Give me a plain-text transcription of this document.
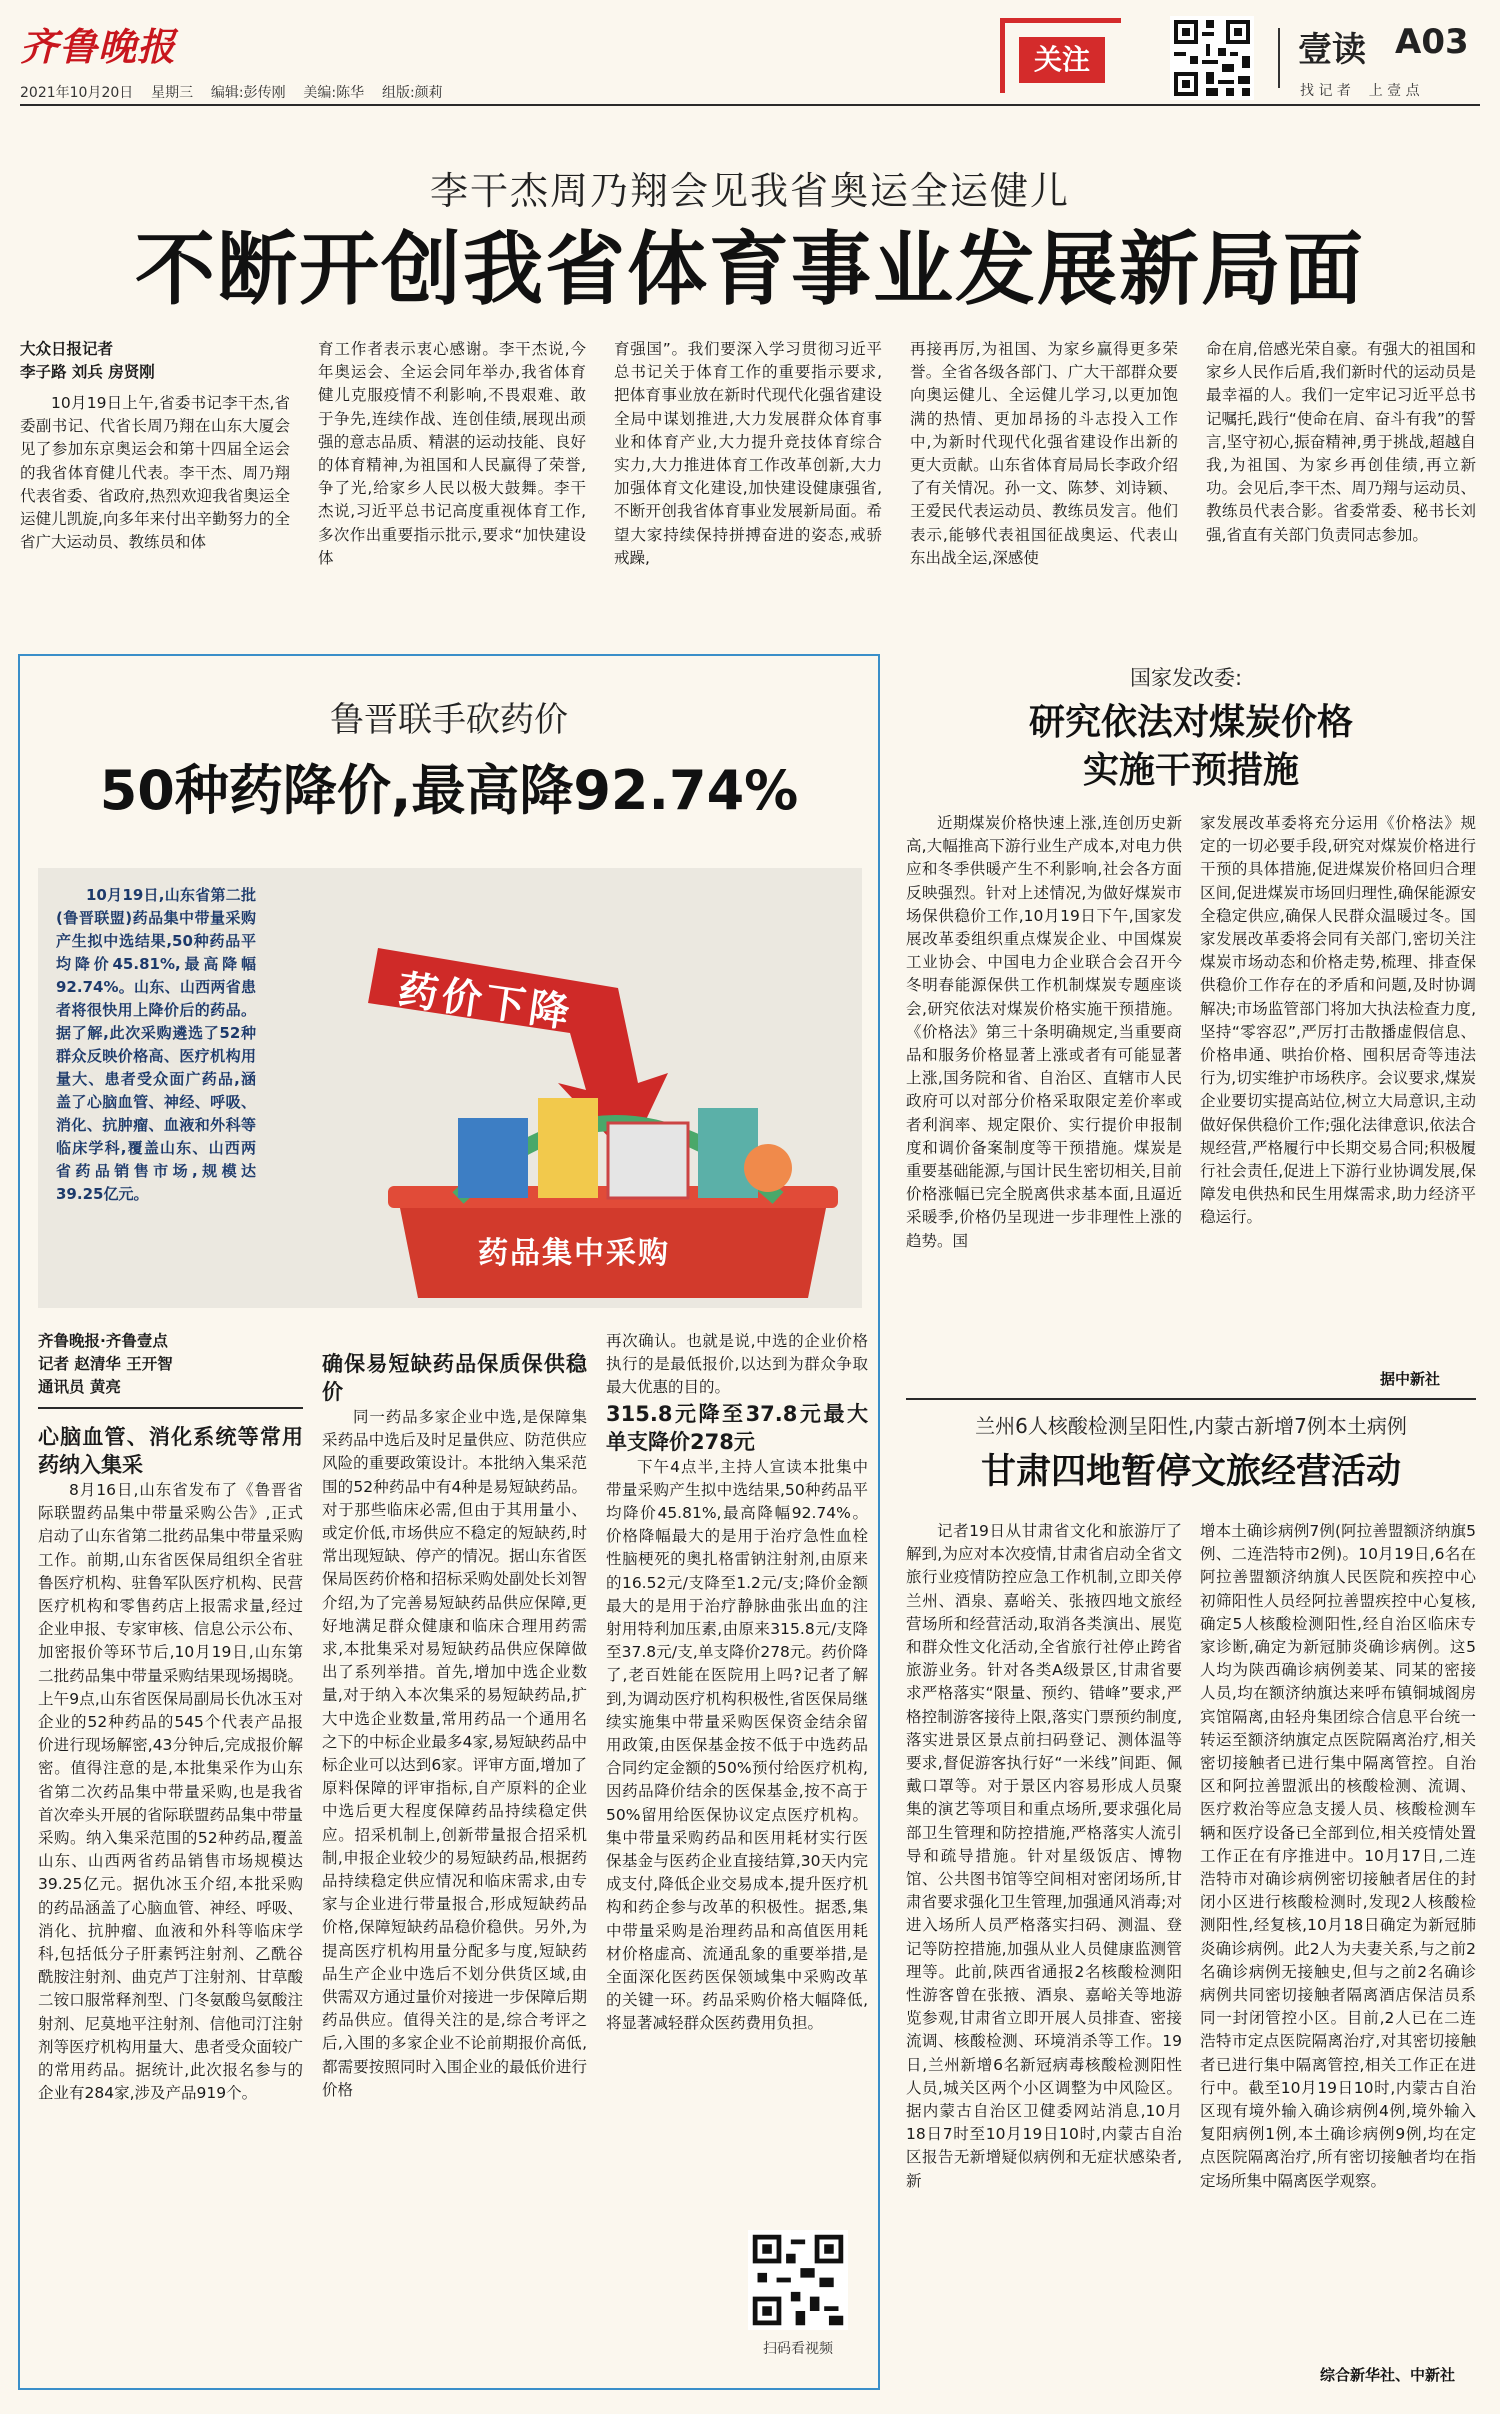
齐鲁晚报
2021年10月20日 星期三 编辑:彭传刚 美编:陈华 组版:颜莉
关注	壹读 A03
找 记 者    上 壹 点
李干杰周乃翔会见我省奥运全运健儿
不断开创我省体育事业发展新局面

大众日报记者

李子路 刘兵 房贤刚

10月19日上午,省委书记李干杰,省委副书记、代省长周乃翔在山东大厦会见了参加东京奥运会和第十四届全运会的我省体育健儿代表。李干杰、周乃翔代表省委、省政府,热烈欢迎我省奥运全运健儿凯旋,向多年来付出辛勤努力的全省广大运动员、教练员和体

育工作者表示衷心感谢。李干杰说,今年奥运会、全运会同年举办,我省体育健儿克服疫情不利影响,不畏艰难、敢于争先,连续作战、连创佳绩,展现出顽强的意志品质、精湛的运动技能、良好的体育精神,为祖国和人民赢得了荣誉,争了光,给家乡人民以极大鼓舞。李干杰说,习近平总书记高度重视体育工作,多次作出重要指示批示,要求“加快建设体

育强国”。我们要深入学习贯彻习近平总书记关于体育工作的重要指示要求,把体育事业放在新时代现代化强省建设全局中谋划推进,大力发展群众体育事业和体育产业,大力提升竞技体育综合实力,大力推进体育工作改革创新,大力加强体育文化建设,加快建设健康强省,不断开创我省体育事业发展新局面。希望大家持续保持拼搏奋进的姿态,戒骄戒躁,

再接再厉,为祖国、为家乡赢得更多荣誉。全省各级各部门、广大干部群众要向奥运健儿、全运健儿学习,以更加饱满的热情、更加昂扬的斗志投入工作中,为新时代现代化强省建设作出新的更大贡献。山东省体育局局长李政介绍了有关情况。孙一文、陈梦、刘诗颖、王爱民代表运动员、教练员发言。他们表示,能够代表祖国征战奥运、代表山东出战全运,深感使

命在肩,倍感光荣自豪。有强大的祖国和家乡人民作后盾,我们新时代的运动员是最幸福的人。我们一定牢记习近平总书记嘱托,践行“使命在肩、奋斗有我”的誓言,坚守初心,振奋精神,勇于挑战,超越自我,为祖国、为家乡再创佳绩,再立新功。会见后,李干杰、周乃翔与运动员、教练员代表合影。省委常委、秘书长刘强,省直有关部门负责同志参加。

鲁晋联手砍药价
50种药降价,最高降92.74%
药价下降
药品集中采购
10月19日,山东省第二批(鲁晋联盟)药品集中带量采购产生拟中选结果,50种药品平均降价45.81%,最高降幅92.74%。山东、山西两省患者将很快用上降价后的药品。据了解,此次采购遴选了52种群众反映价格高、医疗机构用量大、患者受众面广药品,涵盖了心脑血管、神经、呼吸、消化、抗肿瘤、血液和外科等临床学科,覆盖山东、山西两省药品销售市场,规模达39.25亿元。

齐鲁晚报·齐鲁壹点

记者 赵清华 王开智

通讯员 黄亮

心脑血管、消化系统等常用药纳入集采

8月16日,山东省发布了《鲁晋省际联盟药品集中带量采购公告》,正式启动了山东省第二批药品集中带量采购工作。前期,山东省医保局组织全省驻鲁医疗机构、驻鲁军队医疗机构、民营医疗机构和零售药店上报需求量,经过企业申报、专家审核、信息公示公布、加密报价等环节后,10月19日,山东第二批药品集中带量采购结果现场揭晓。上午9点,山东省医保局副局长仇冰玉对企业的52种药品的545个代表产品报价进行现场解密,43分钟后,完成报价解密。值得注意的是,本批集采作为山东省第二次药品集中带量采购,也是我省首次牵头开展的省际联盟药品集中带量采购。纳入集采范围的52种药品,覆盖山东、山西两省药品销售市场规模达39.25亿元。据仇冰玉介绍,本批采购的药品涵盖了心脑血管、神经、呼吸、消化、抗肿瘤、血液和外科等临床学科,包括低分子肝素钙注射剂、乙酰谷酰胺注射剂、曲克芦丁注射剂、甘草酸二铵口服常释剂型、门冬氨酸鸟氨酸注射剂、尼莫地平注射剂、信他司汀注射剂等医疗机构用量大、患者受众面较广的常用药品。据统计,此次报名参与的企业有284家,涉及产品919个。

确保易短缺药品保质保供稳价

同一药品多家企业中选,是保障集采药品中选后及时足量供应、防范供应风险的重要政策设计。本批纳入集采范围的52种药品中有4种是易短缺药品。对于那些临床必需,但由于其用量小、或定价低,市场供应不稳定的短缺药,时常出现短缺、停产的情况。据山东省医保局医药价格和招标采购处副处长刘智介绍,为了完善易短缺药品供应保障,更好地满足群众健康和临床合理用药需求,本批集采对易短缺药品供应保障做出了系列举措。首先,增加中选企业数量,对于纳入本次集采的易短缺药品,扩大中选企业数量,常用药品一个通用名之下的中标企业最多4家,易短缺药品中标企业可以达到6家。评审方面,增加了原料保障的评审指标,自产原料的企业中选后更大程度保障药品持续稳定供应。招采机制上,创新带量报合招采机制,申报企业较少的易短缺药品,根据药品持续稳定供应情况和临床需求,由专家与企业进行带量报合,形成短缺药品价格,保障短缺药品稳价稳供。另外,为提高医疗机构用量分配多与度,短缺药品生产企业中选后不划分供货区域,由供需双方通过量价对接进一步保障后期药品供应。值得关注的是,综合考评之后,入围的多家企业不论前期报价高低,都需要按照同时入围企业的最低价进行价格

再次确认。也就是说,中选的企业价格执行的是最低报价,以达到为群众争取最大优惠的目的。

315.8元降至37.8元最大单支降价278元

下午4点半,主持人宣读本批集中带量采购产生拟中选结果,50种药品平均降价45.81%,最高降幅92.74%。价格降幅最大的是用于治疗急性血栓性脑梗死的奥扎格雷钠注射剂,由原来的16.52元/支降至1.2元/支;降价金额最大的是用于治疗静脉曲张出血的注射用特利加压素,由原来315.8元/支降至37.8元/支,单支降价278元。药价降了,老百姓能在医院用上吗?记者了解到,为调动医疗机构积极性,省医保局继续实施集中带量采购医保资金结余留用政策,由医保基金按不低于中选药品合同约定金额的50%预付给医疗机构,因药品降价结余的医保基金,按不高于50%留用给医保协议定点医疗机构。集中带量采购药品和医用耗材实行医保基金与医药企业直接结算,30天内完成支付,降低企业交易成本,提升医疗机构和药企参与改革的积极性。据悉,集中带量采购是治理药品和高值医用耗材价格虚高、流通乱象的重要举措,是全面深化医药医保领域集中采购改革的关键一环。药品采购价格大幅降低,将显著减轻群众医药费用负担。

扫码看视频
国家发改委:
研究依法对煤炭价格
实施干预措施

近期煤炭价格快速上涨,连创历史新高,大幅推高下游行业生产成本,对电力供应和冬季供暖产生不利影响,社会各方面反映强烈。针对上述情况,为做好煤炭市场保供稳价工作,10月19日下午,国家发展改革委组织重点煤炭企业、中国煤炭工业协会、中国电力企业联合会召开今冬明春能源保供工作机制煤炭专题座谈会,研究依法对煤炭价格实施干预措施。《价格法》第三十条明确规定,当重要商品和服务价格显著上涨或者有可能显著上涨,国务院和省、自治区、直辖市人民政府可以对部分价格采取限定差价率或者利润率、规定限价、实行提价申报制度和调价备案制度等干预措施。煤炭是重要基础能源,与国计民生密切相关,目前价格涨幅已完全脱离供求基本面,且逼近采暖季,价格仍呈现进一步非理性上涨的趋势。国

家发展改革委将充分运用《价格法》规定的一切必要手段,研究对煤炭价格进行干预的具体措施,促进煤炭价格回归合理区间,促进煤炭市场回归理性,确保能源安全稳定供应,确保人民群众温暖过冬。国家发展改革委将会同有关部门,密切关注煤炭市场动态和价格走势,梳理、排查保供稳价工作存在的矛盾和问题,及时协调解决;市场监管部门将加大执法检查力度,坚持“零容忍”,严厉打击散播虚假信息、价格串通、哄抬价格、囤积居奇等违法行为,切实维护市场秩序。会议要求,煤炭企业要切实提高站位,树立大局意识,主动做好保供稳价工作;强化法律意识,依法合规经营,严格履行中长期交易合同;积极履行社会责任,促进上下游行业协调发展,保障发电供热和民生用煤需求,助力经济平稳运行。

据中新社
兰州6人核酸检测呈阳性,内蒙古新增7例本土病例
甘肃四地暂停文旅经营活动

记者19日从甘肃省文化和旅游厅了解到,为应对本次疫情,甘肃省启动全省文旅行业疫情防控应急工作机制,立即关停兰州、酒泉、嘉峪关、张掖四地文旅经营场所和经营活动,取消各类演出、展览和群众性文化活动,全省旅行社停止跨省旅游业务。针对各类A级景区,甘肃省要求严格落实“限量、预约、错峰”要求,严格控制游客接待上限,落实门票预约制度,落实进景区景点前扫码登记、测体温等要求,督促游客执行好“一米线”间距、佩戴口罩等。对于景区内容易形成人员聚集的演艺等项目和重点场所,要求强化局部卫生管理和防控措施,严格落实人流引导和疏导措施。针对星级饭店、博物馆、公共图书馆等空间相对密闭场所,甘肃省要求强化卫生管理,加强通风消毒;对进入场所人员严格落实扫码、测温、登记等防控措施,加强从业人员健康监测管理等。此前,陕西省通报2名核酸检测阳性游客曾在张掖、酒泉、嘉峪关等地游览参观,甘肃省立即开展人员排查、密接流调、核酸检测、环境消杀等工作。19日,兰州新增6名新冠病毒核酸检测阳性人员,城关区两个小区调整为中风险区。据内蒙古自治区卫健委网站消息,10月18日7时至10月19日10时,内蒙古自治区报告无新增疑似病例和无症状感染者,新

增本土确诊病例7例(阿拉善盟额济纳旗5例、二连浩特市2例)。10月19日,6名在阿拉善盟额济纳旗人民医院和疾控中心初筛阳性人员经阿拉善盟疾控中心复核,确定5人核酸检测阳性,经自治区临床专家诊断,确定为新冠肺炎确诊病例。这5人均为陕西确诊病例姜某、同某的密接人员,均在额济纳旗达来呼布镇铜城阁房宾馆隔离,由轻舟集团综合信息平台统一转运至额济纳旗定点医院隔离治疗,相关密切接触者已进行集中隔离管控。自治区和阿拉善盟派出的核酸检测、流调、医疗救治等应急支援人员、核酸检测车辆和医疗设备已全部到位,相关疫情处置工作正在有序推进中。10月17日,二连浩特市对确诊病例密切接触者居住的封闭小区进行核酸检测时,发现2人核酸检测阳性,经复核,10月18日确定为新冠肺炎确诊病例。此2人为夫妻关系,与之前2名确诊病例无接触史,但与之前2名确诊病例共同密切接触者隔离酒店保洁员系同一封闭管控小区。目前,2人已在二连浩特市定点医院隔离治疗,对其密切接触者已进行集中隔离管控,相关工作正在进行中。截至10月19日10时,内蒙古自治区现有境外输入确诊病例4例,境外输入复阳病例1例,本土确诊病例9例,均在定点医院隔离治疗,所有密切接触者均在指定场所集中隔离医学观察。

综合新华社、中新社
